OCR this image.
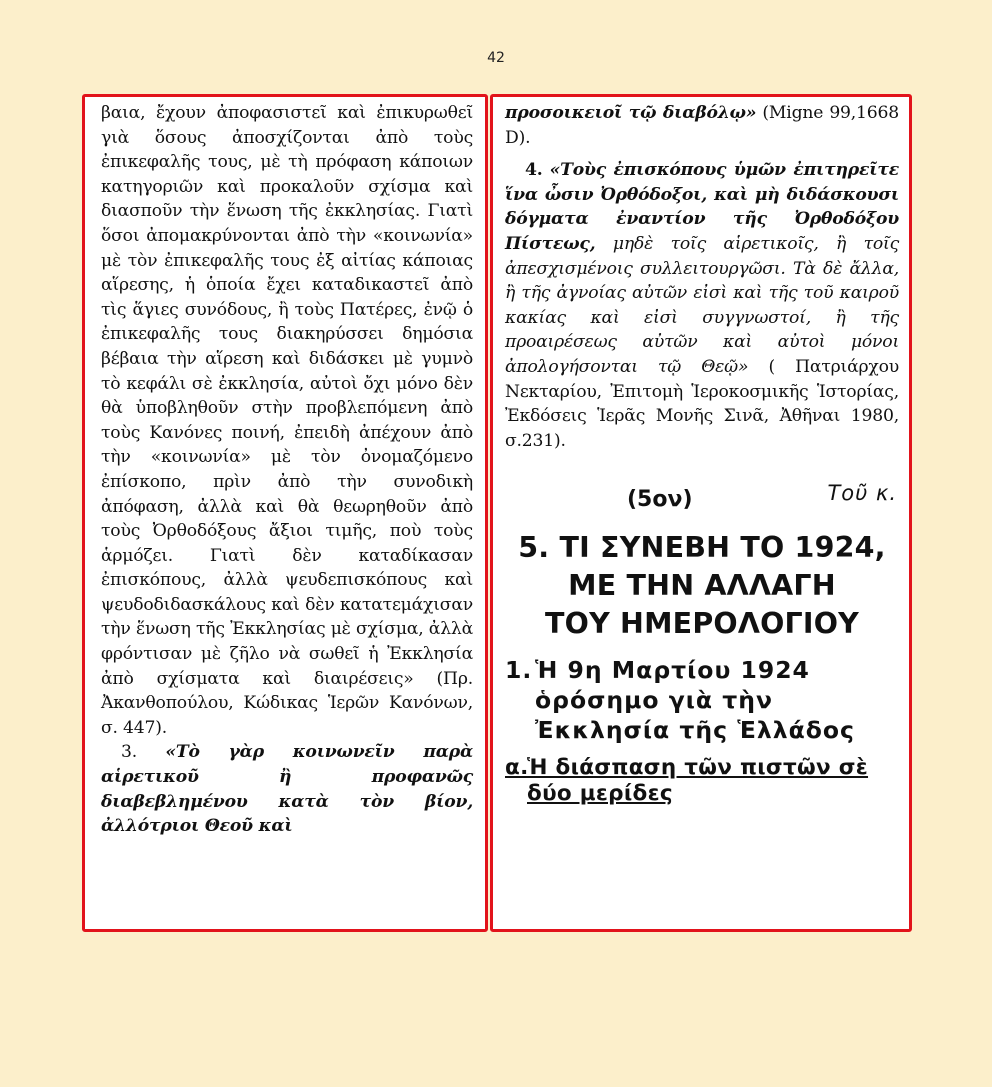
42

βαια, ἔχουν ἀποφασιστεῖ καὶ ἐπικυρωθεῖ γιὰ ὅσους ἀποσχίζονται ἀπὸ τοὺς ἐπικεφαλῆς τους, μὲ τὴ πρόφαση κάποιων κατηγοριῶν καὶ προκαλοῦν σχίσμα καὶ διασποῦν τὴν ἕνωση τῆς ἐκκλησίας. Γιατὶ ὅσοι ἀπομακρύνονται ἀπὸ τὴν «κοινωνία» μὲ τὸν ἐπικεφαλῆς τους ἐξ αἰτίας κάποιας αἵρεσης, ἡ ὁποία ἔχει καταδικαστεῖ ἀπὸ τὶς ἅγιες συνόδους, ἢ τοὺς Πατέρες, ἐνῷ ὁ ἐπικεφαλῆς τους διακηρύσσει δημόσια βέβαια τὴν αἵρεση καὶ διδάσκει μὲ γυμνὸ τὸ κεφάλι σὲ ἐκκλησία, αὐτοὶ ὄχι μόνο δὲν θὰ ὑποβληθοῦν στὴν προβλεπόμενη ἀπὸ τοὺς Κανόνες ποινή, ἐπειδὴ ἀπέχουν ἀπὸ τὴν «κοινωνία» μὲ τὸν ὀνομαζόμενο ἐπίσκοπο, πρὶν ἀπὸ τὴν συνοδικὴ ἀπόφαση, ἀλλὰ καὶ θὰ θεωρηθοῦν ἀπὸ τοὺς Ὀρθοδόξους ἄξιοι τιμῆς, ποὺ τοὺς ἁρμόζει. Γιατὶ δὲν καταδίκασαν ἐπισκόπους, ἀλλὰ ψευδεπισκόπους καὶ ψευδοδιδασκάλους καὶ δὲν κατατεμάχισαν τὴν ἕνωση τῆς Ἐκκλησίας μὲ σχίσμα, ἀλλὰ φρόντισαν μὲ ζῆλο νὰ σωθεῖ ἡ Ἐκκλησία ἀπὸ σχίσματα καὶ διαιρέσεις» (Πρ. Ἀκανθοπούλου, Κώδικας Ἱερῶν Κανόνων, σ. 447).

3. «Τὸ γὰρ κοινωνεῖν παρὰ αἱρετικοῦ ἢ προφανῶς διαβεβλημένου κατὰ τὸν βίον, ἀλλότριοι Θεοῦ καὶ

προσοικειοῖ τῷ διαβόλῳ» (Migne 99,1668 D).

4. «Τοὺς ἐπισκόπους ὑμῶν ἐπιτηρεῖτε ἵνα ὦσιν Ὀρθόδοξοι, καὶ μὴ διδάσκουσι δόγματα ἐναντίον τῆς Ὀρθοδόξου Πίστεως, μηδὲ τοῖς αἱρετικοῖς, ἢ τοῖς ἀπεσχισμένοις συλλειτουργῶσι. Τὰ δὲ ἄλλα, ἢ τῆς ἀγνοίας αὐτῶν εἰσὶ καὶ τῆς τοῦ καιροῦ κακίας καὶ εἰσὶ συγγνωστοί, ἢ τῆς προαιρέσεως αὐτῶν καὶ αὐτοὶ μόνοι ἀπολογήσονται τῷ Θεῷ» ( Πατριάρχου Νεκταρίου, Ἐπιτομὴ Ἱεροκοσμικῆς Ἱστορίας, Ἐκδόσεις Ἱερᾶς Μονῆς Σινᾶ, Ἀθῆναι 1980, σ.231).

(5ον)	Τοῦ κ.
5. ΤΙ ΣΥΝΕΒΗ ΤΟ 1924,
ΜΕ ΤΗΝ ΑΛΛΑΓΗ
ΤΟΥ ΗΜΕΡΟΛΟΓΙΟΥ
1. Ἡ 9η Μαρτίου 1924 ὁρόσημο γιὰ τὴν Ἐκκλησία τῆς Ἑλλάδος
α.
Ἡ διάσπαση τῶν πιστῶν σὲ δύο μερίδες
